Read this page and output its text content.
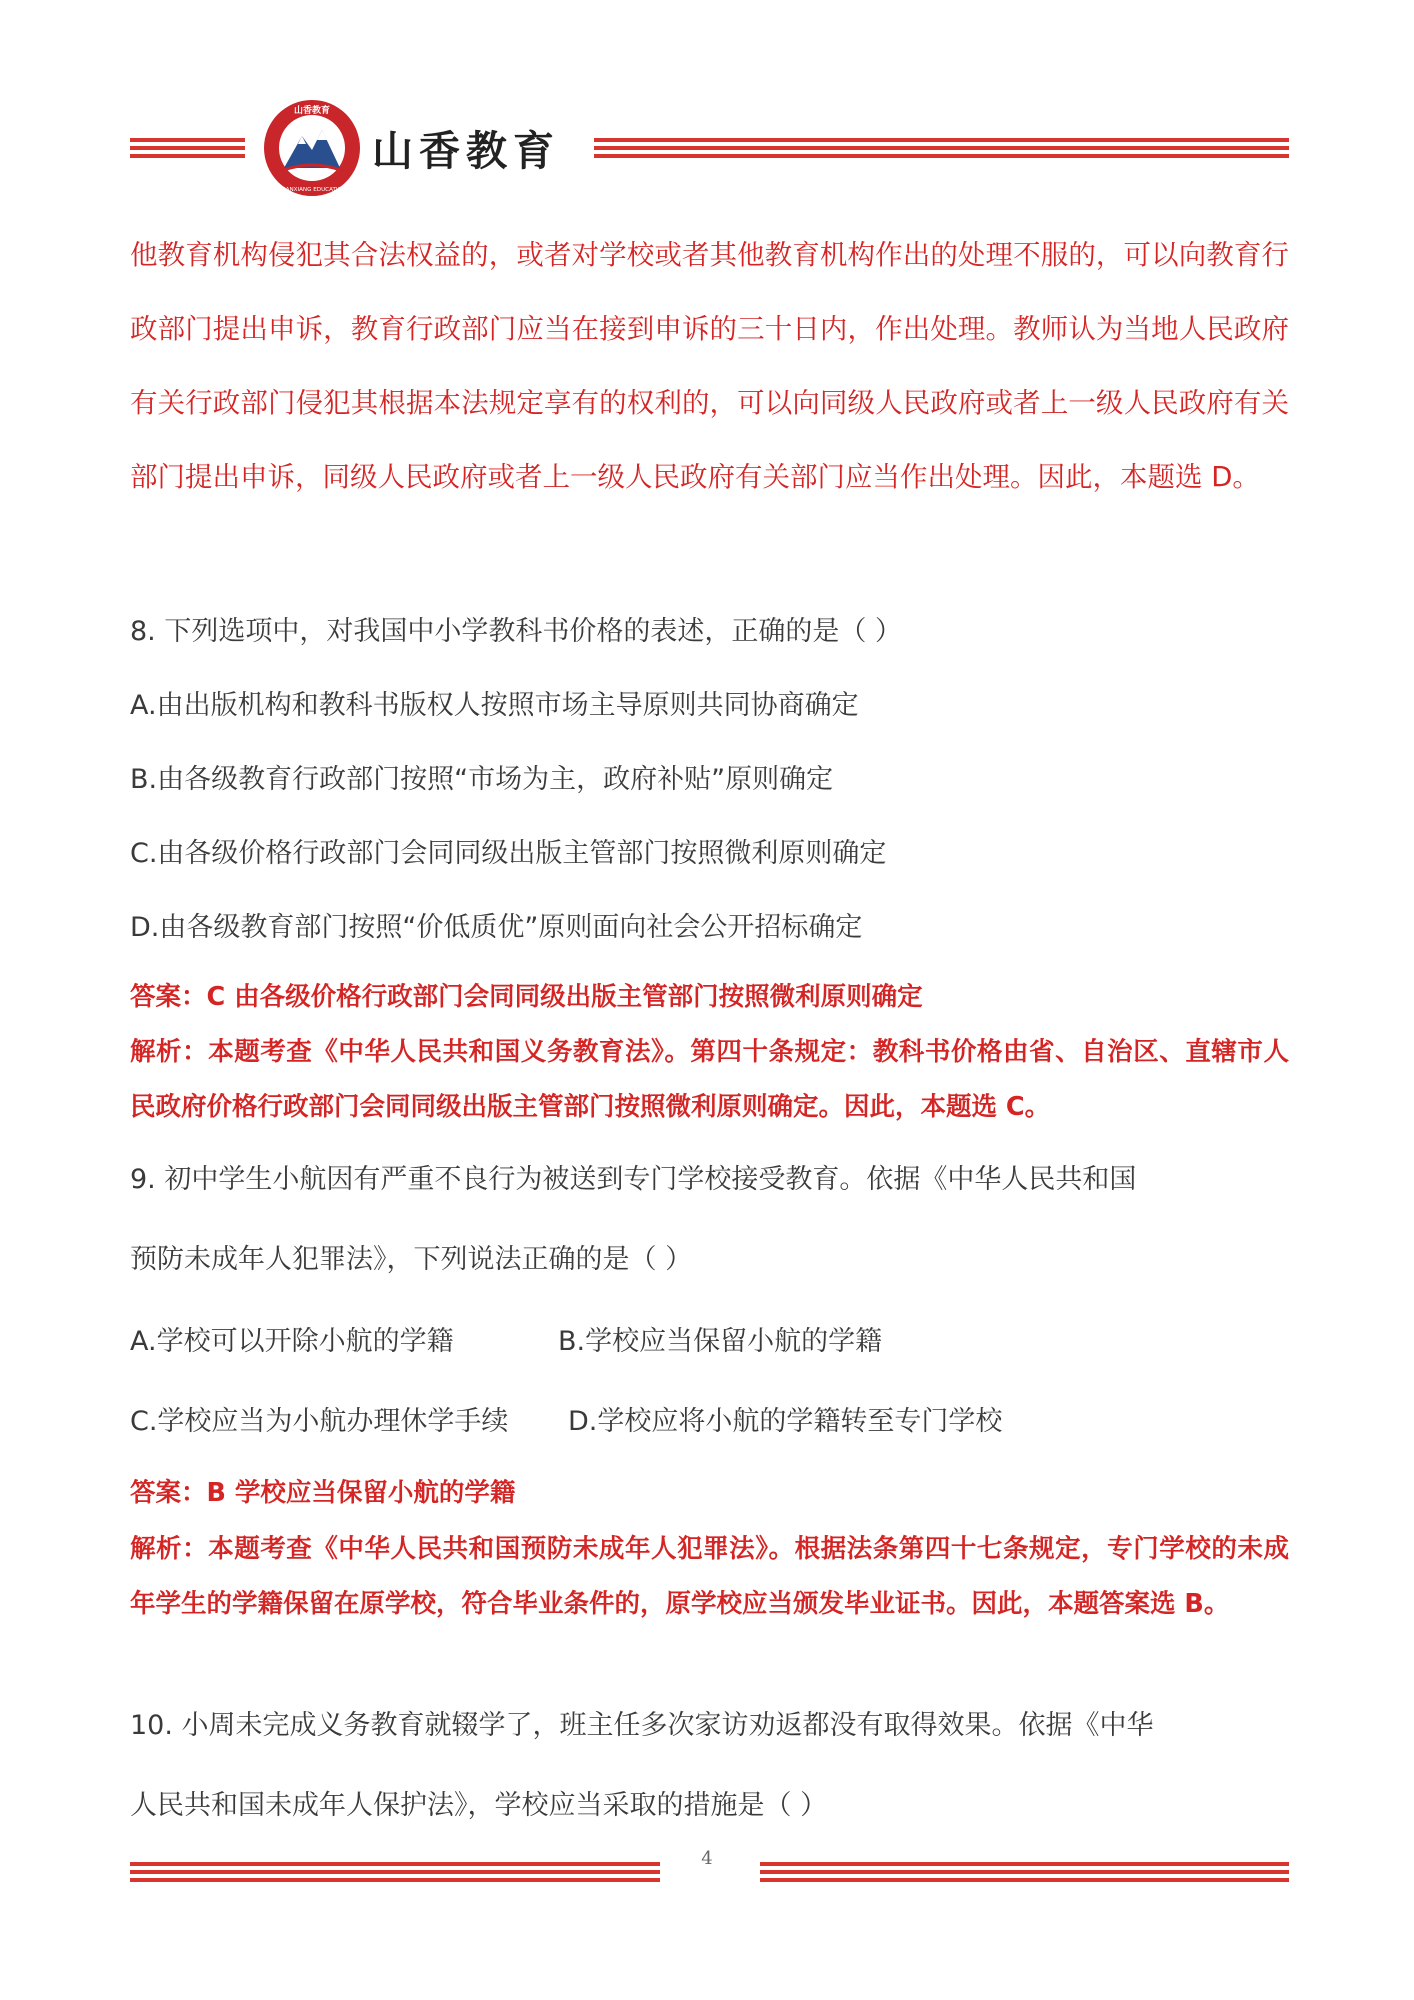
山香教育
SHANXIANG EDUCATION
山香教育
他教育机构侵犯其合法权益的，或者对学校或者其他教育机构作出的处理不服的，可以向教育行政部门提出申诉，教育行政部门应当在接到申诉的三十日内，作出处理。教师认为当地人民政府有关行政部门侵犯其根据本法规定享有的权利的，可以向同级人民政府或者上一级人民政府有关部门提出申诉，同级人民政府或者上一级人民政府有关部门应当作出处理。因此，本题选 D。
8. 下列选项中，对我国中小学教科书价格的表述，正确的是（ ）
A.由出版机构和教科书版权人按照市场主导原则共同协商确定
B.由各级教育行政部门按照“市场为主，政府补贴”原则确定
C.由各级价格行政部门会同同级出版主管部门按照微利原则确定
D.由各级教育部门按照“价低质优”原则面向社会公开招标确定
答案：C 由各级价格行政部门会同同级出版主管部门按照微利原则确定
解析：本题考查《中华人民共和国义务教育法》。第四十条规定：教科书价格由省、自治区、直辖市人民政府价格行政部门会同同级出版主管部门按照微利原则确定。因此，本题选 C。
9. 初中学生小航因有严重不良行为被送到专门学校接受教育。依据《中华人民共和国
预防未成年人犯罪法》，下列说法正确的是（ ）
A.学校可以开除小航的学籍	B.学校应当保留小航的学籍
C.学校应当为小航办理休学手续 D.学校应将小航的学籍转至专门学校
答案：B 学校应当保留小航的学籍
解析：本题考查《中华人民共和国预防未成年人犯罪法》。根据法条第四十七条规定，专门学校的未成年学生的学籍保留在原学校，符合毕业条件的，原学校应当颁发毕业证书。因此，本题答案选 B。
10. 小周未完成义务教育就辍学了，班主任多次家访劝返都没有取得效果。依据《中华
人民共和国未成年人保护法》，学校应当采取的措施是（ ）
4
